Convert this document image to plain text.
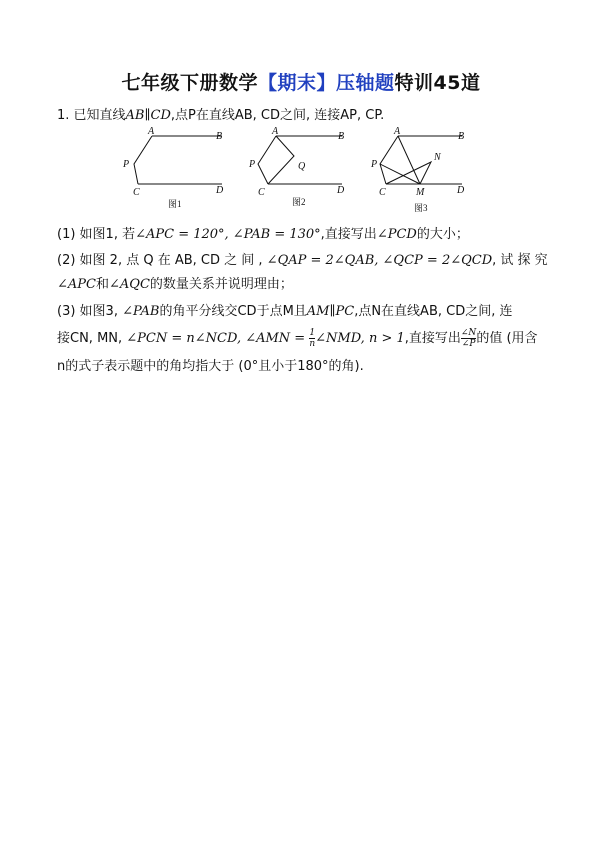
七年级下册数学【期末】压轴题特训45道
1. 已知直线AB∥CD,点P在直线AB, CD之间, 连接AP, CP.
A	B
P
C	D
图1
A	B
P	Q
C	D
图2
A	B
N
P
C	M	D
图3
(1) 如图1, 若∠APC = 120°, ∠PAB = 130°,直接写出∠PCD的大小；
(2) 如图 2, 点 Q 在 AB, CD 之 间 , ∠QAP = 2∠QAB, ∠QCP = 2∠QCD, 试 探 究
∠APC和∠AQC的数量关系并说明理由；
(3) 如图3, ∠PAB的角平分线交CD于点M且AM∥PC,点N在直线AB, CD之间, 连
接CN, MN, ∠PCN = n∠NCD, ∠AMN = $\frac{1}{n}$ ∠NMD, n > 1,直接写出 $\frac{\angle N}{\angle P}$ 的值 (用含
n的式子表示题中的角均指大于 (0°且小于180°的角).
